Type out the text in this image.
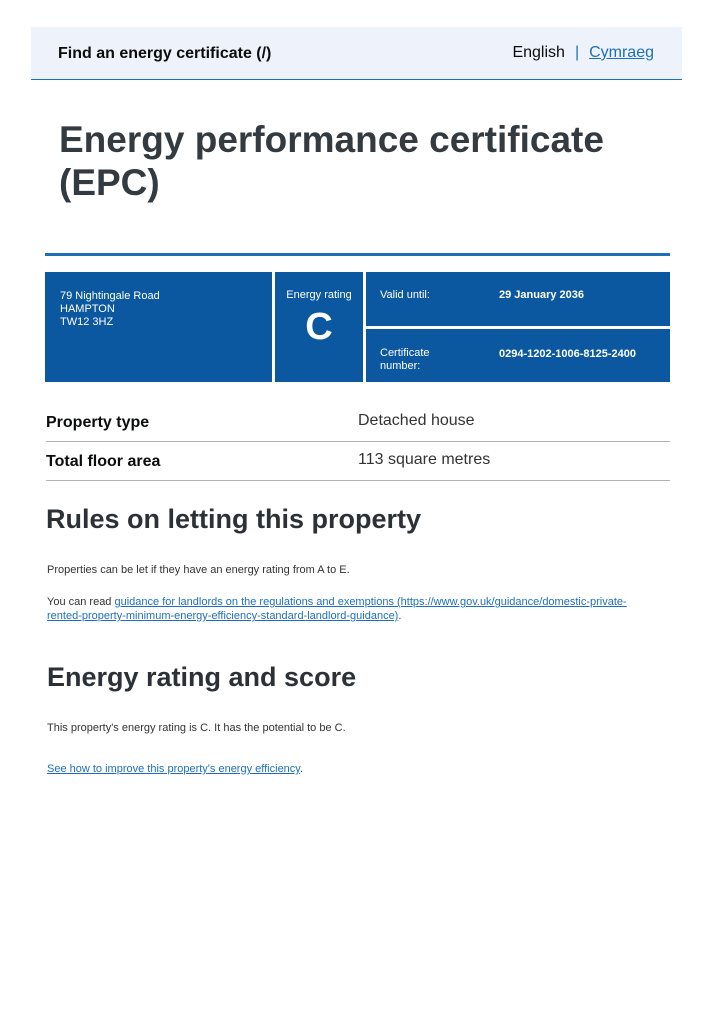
Find an energy certificate (/)	English | Cymraeg
Energy performance certificate (EPC)
79 Nightingale Road
HAMPTON
TW12 3HZ
Energy rating
C
Valid until:	29 January 2036
Certificate number:
0294-1202-1006-8125-2400
Property type	Detached house
Total floor area	113 square metres
Rules on letting this property

Properties can be let if they have an energy rating from A to E.

You can read guidance for landlords on the regulations and exemptions (https://www.gov.uk/guidance/domestic-private-rented-property-minimum-energy-efficiency-standard-landlord-guidance).

Energy rating and score

This property's energy rating is C. It has the potential to be C.

See how to improve this property's energy efficiency.
